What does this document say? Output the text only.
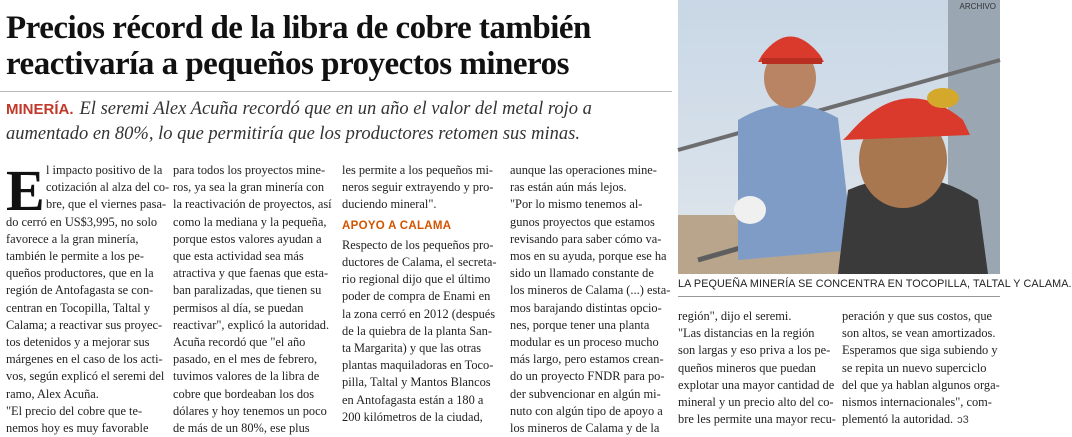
Precios récord de la libra de cobre también
reactivaría a pequeños proyectos mineros
MINERÍA. El seremi Alex Acuña recordó que en un año el valor del metal rojo a
aumentado en 80%, lo que permitiría que los productores retomen sus minas.
ARCHIVO
LA PEQUEÑA MINERÍA SE CONCENTRA EN TOCOPILLA, TALTAL Y CALAMA.
E l impacto positivo de la
cotización al alza del co-
bre, que el viernes pasa-
do cerró en US$3,995, no solo
favorece a la gran minería,
también le permite a los pe-
queños productores, que en la
región de Antofagasta se con-
centran en Tocopilla, Taltal y
Calama; a reactivar sus proyec-
tos detenidos y a mejorar sus
márgenes en el caso de los acti-
vos, según explicó el seremi del
ramo, Alex Acuña.
"El precio del cobre que te-
nemos hoy es muy favorable
para todos los proyectos mine-
ros, ya sea la gran minería con
la reactivación de proyectos, así
como la mediana y la pequeña,
porque estos valores ayudan a
que esta actividad sea más
atractiva y que faenas que esta-
ban paralizadas, que tienen su
permisos al día, se puedan
reactivar", explicó la autoridad.
Acuña recordó que "el año
pasado, en el mes de febrero,
tuvimos valores de la libra de
cobre que bordeaban los dos
dólares y hoy tenemos un poco
de más de un 80%, ese plus
les permite a los pequeños mi-
neros seguir extrayendo y pro-
duciendo mineral".
APOYO A CALAMA
Respecto de los pequeños pro-
ductores de Calama, el secreta-
rio regional dijo que el último
poder de compra de Enami en
la zona cerró en 2012 (después
de la quiebra de la planta San-
ta Margarita) y que las otras
plantas maquiladoras en Toco-
pilla, Taltal y Mantos Blancos
en Antofagasta están a 180 a
200 kilómetros de la ciudad,
aunque las operaciones mine-
ras están aún más lejos.
"Por lo mismo tenemos al-
gunos proyectos que estamos
revisando para saber cómo va-
mos en su ayuda, porque ese ha
sido un llamado constante de
los mineros de Calama (...) esta-
mos barajando distintas opcio-
nes, porque tener una planta
modular es un proceso mucho
más largo, pero estamos crean-
do un proyecto FNDR para po-
der subvencionar en algún mi-
nuto con algún tipo de apoyo a
los mineros de Calama y de la
región", dijo el seremi.
"Las distancias en la región
son largas y eso priva a los pe-
queños mineros que puedan
explotar una mayor cantidad de
mineral y un precio alto del co-
bre les permite una mayor recu-
peración y que sus costos, que
son altos, se vean amortizados.
Esperamos que siga subiendo y
se repita un nuevo superciclo
del que ya hablan algunos orga-
nismos internacionales", com-
plementó la autoridad. ↄ3
